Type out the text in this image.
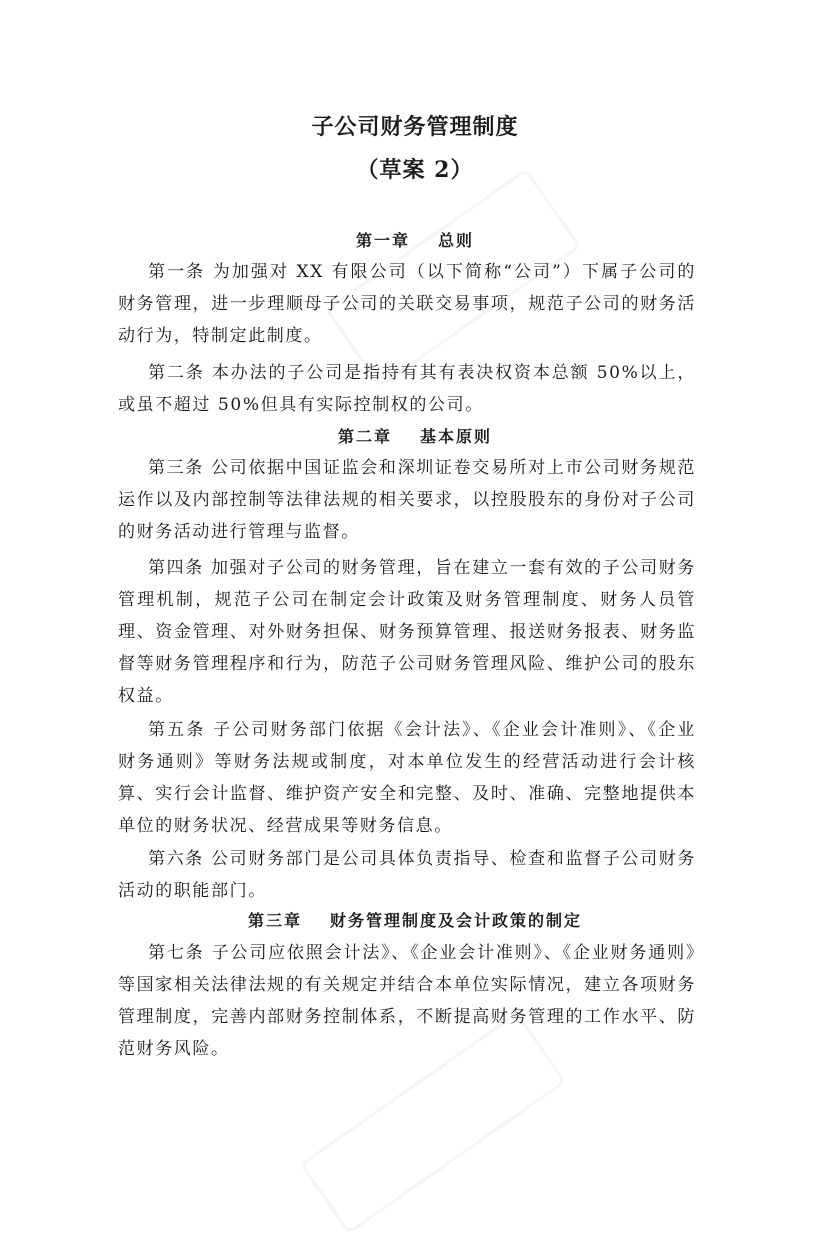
子公司财务管理制度
（草案 2）
第一章 总则
第一条 为加强对 XX 有限公司（以下简称“公司”）下属子公司的财务管理，进一步理顺母子公司的关联交易事项，规范子公司的财务活动行为，特制定此制度。
第二条 本办法的子公司是指持有其有表决权资本总额 50%以上，或虽不超过 50%但具有实际控制权的公司。
第二章 基本原则
第三条 公司依据中国证监会和深圳证卷交易所对上市公司财务规范运作以及内部控制等法律法规的相关要求，以控股股东的身份对子公司的财务活动进行管理与监督。
第四条 加强对子公司的财务管理，旨在建立一套有效的子公司财务管理机制，规范子公司在制定会计政策及财务管理制度、财务人员管理、资金管理、对外财务担保、财务预算管理、报送财务报表、财务监督等财务管理程序和行为，防范子公司财务管理风险、维护公司的股东权益。
第五条 子公司财务部门依据《会计法》、《企业会计准则》、《企业财务通则》等财务法规或制度，对本单位发生的经营活动进行会计核算、实行会计监督、维护资产安全和完整、及时、准确、完整地提供本单位的财务状况、经营成果等财务信息。
第六条 公司财务部门是公司具体负责指导、检查和监督子公司财务活动的职能部门。
第三章 财务管理制度及会计政策的制定
第七条 子公司应依照会计法》、《企业会计准则》、《企业财务通则》等国家相关法律法规的有关规定并结合本单位实际情况，建立各项财务管理制度，完善内部财务控制体系，不断提高财务管理的工作水平、防范财务风险。
